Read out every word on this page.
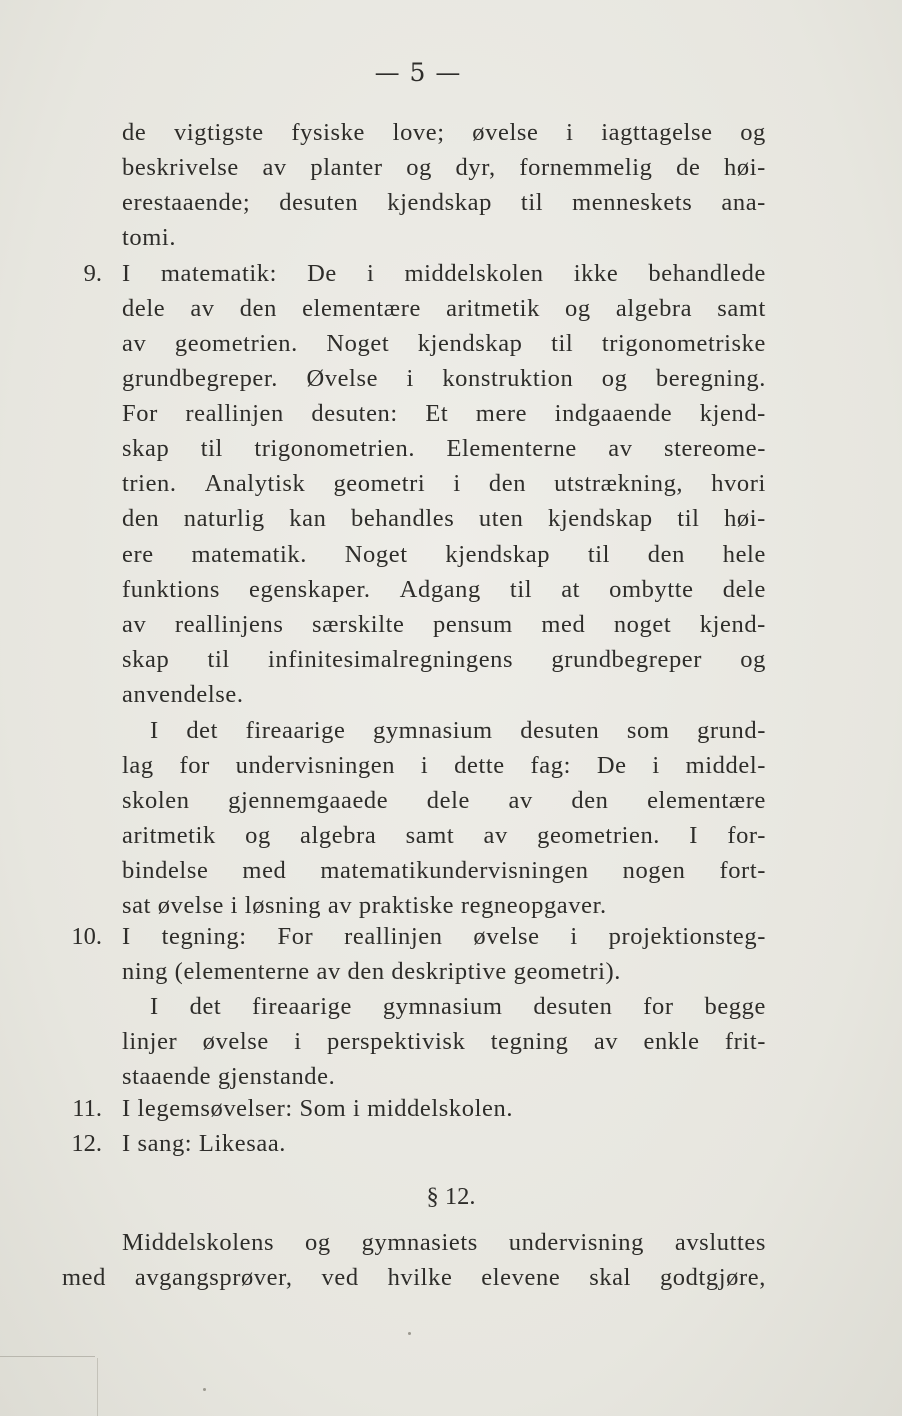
— 5 —
de vigtigste fysiske love; øvelse i iagttagelse og
beskrivelse av planter og dyr, fornemmelig de høi-
erestaaende; desuten kjendskap til menneskets ana-
tomi.
I matematik: De i middelskolen ikke behandlede
dele av den elementære aritmetik og algebra samt
av geometrien. Noget kjendskap til trigonometriske
grundbegreper. Øvelse i konstruktion og beregning.
For reallinjen desuten: Et mere indgaaende kjend-
skap til trigonometrien. Elementerne av stereome-
trien. Analytisk geometri i den utstrækning, hvori
den naturlig kan behandles uten kjendskap til høi-
ere matematik. Noget kjendskap til den hele
funktions egenskaper. Adgang til at ombytte dele
av reallinjens særskilte pensum med noget kjend-
skap til infinitesimalregningens grundbegreper og
anvendelse.
I det fireaarige gymnasium desuten som grund-
lag for undervisningen i dette fag: De i middel-
skolen gjennemgaaede dele av den elementære
aritmetik og algebra samt av geometrien. I for-
bindelse med matematikundervisningen nogen fort-
sat øvelse i løsning av praktiske regneopgaver.
I tegning: For reallinjen øvelse i projektionsteg-
ning (elementerne av den deskriptive geometri).
I det fireaarige gymnasium desuten for begge
linjer øvelse i perspektivisk tegning av enkle frit-
staaende gjenstande.
I legemsøvelser: Som i middelskolen.
I sang: Likesaa.
Middelskolens og gymnasiets undervisning avsluttes
med avgangsprøver, ved hvilke elevene skal godtgjøre,
9.
10.
11.
12.
§ 12.
